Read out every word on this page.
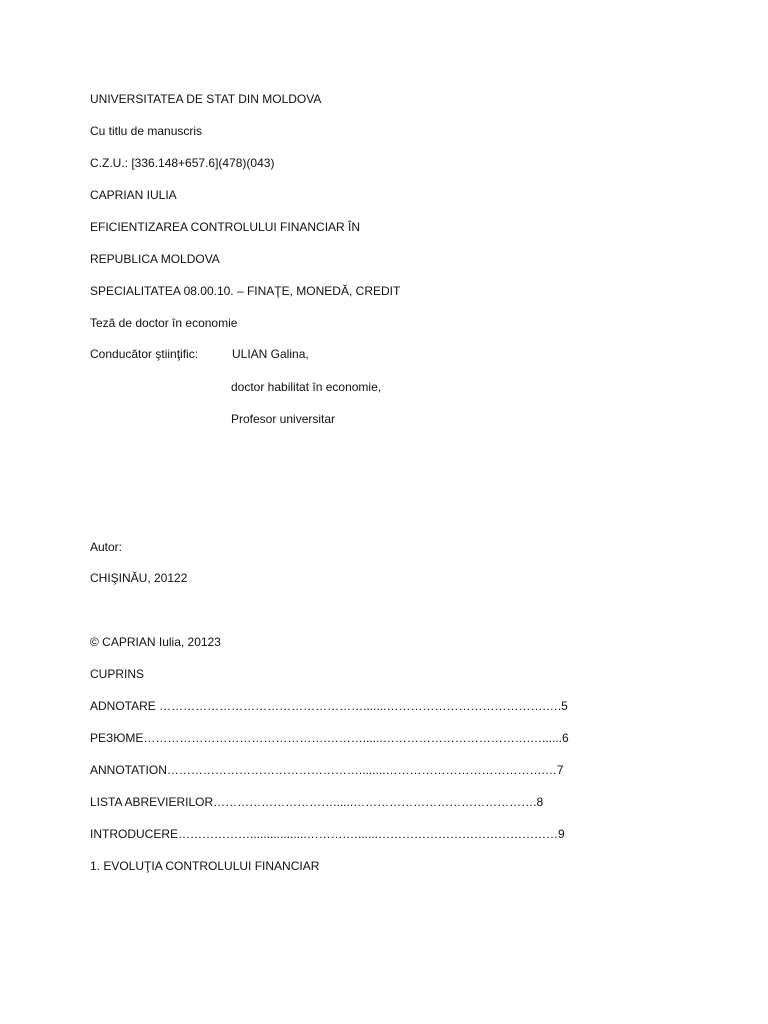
UNIVERSITATEA DE STAT DIN MOLDOVA
Cu titlu de manuscris
C.Z.U.: [336.148+657.6](478)(043)
CAPRIAN IULIA
EFICIENTIZAREA CONTROLULUI FINANCIAR ÎN
REPUBLICA MOLDOVA
SPECIALITATEA 08.00.10. – FINAŢE, MONEDĂ, CREDIT
Teză de doctor în economie
Conducător ştiinţific:	ULIAN Galina,
doctor habilitat în economie,
Profesor universitar
Autor:
CHIŞINĂU, 20122
© CAPRIAN Iulia, 20123
CUPRINS
ADNOTARE …………………………………………….......………………………………….….5
PEЗЮME……………………………………….………......……………………………….…......6
ANNOTATION…………………………………………........………………………………….…7
LISTA ABREVIERILOR…………………………......……………………………………….8
INTRODUCERE……………….................……….…......………………………………………9
1. EVOLUŢIA CONTROLULUI FINANCIAR
